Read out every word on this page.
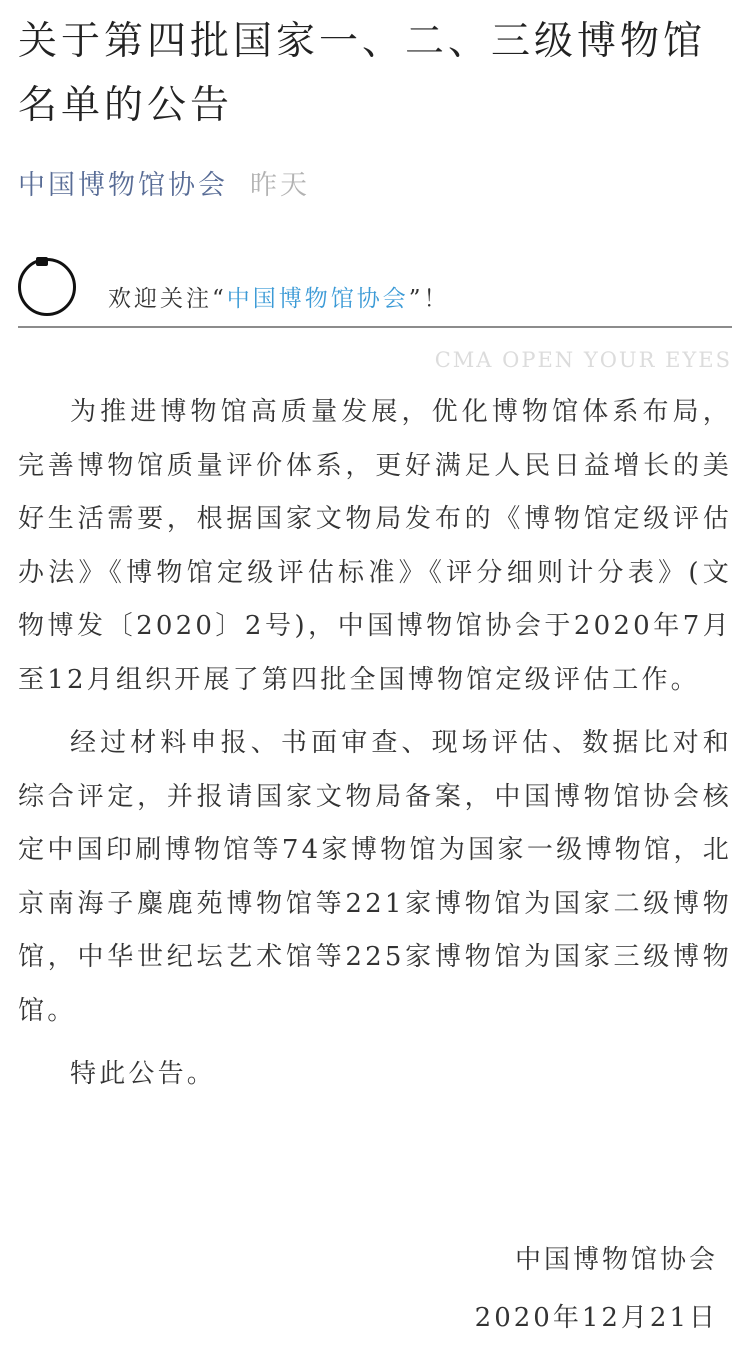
关于第四批国家一、二、三级博物馆名单的公告
中国博物馆协会 昨天
欢迎关注“中国博物馆协会”！
CMA OPEN YOUR EYES

为推进博物馆高质量发展，优化博物馆体系布局，完善博物馆质量评价体系，更好满足人民日益增长的美好生活需要，根据国家文物局发布的《博物馆定级评估办法》《博物馆定级评估标准》《评分细则计分表》(文物博发〔2020〕2号)，中国博物馆协会于2020年7月至12月组织开展了第四批全国博物馆定级评估工作。

经过材料申报、书面审查、现场评估、数据比对和综合评定，并报请国家文物局备案，中国博物馆协会核定中国印刷博物馆等74家博物馆为国家一级博物馆，北京南海子麋鹿苑博物馆等221家博物馆为国家二级博物馆，中华世纪坛艺术馆等225家博物馆为国家三级博物馆。

特此公告。

中国博物馆协会
2020年12月21日
